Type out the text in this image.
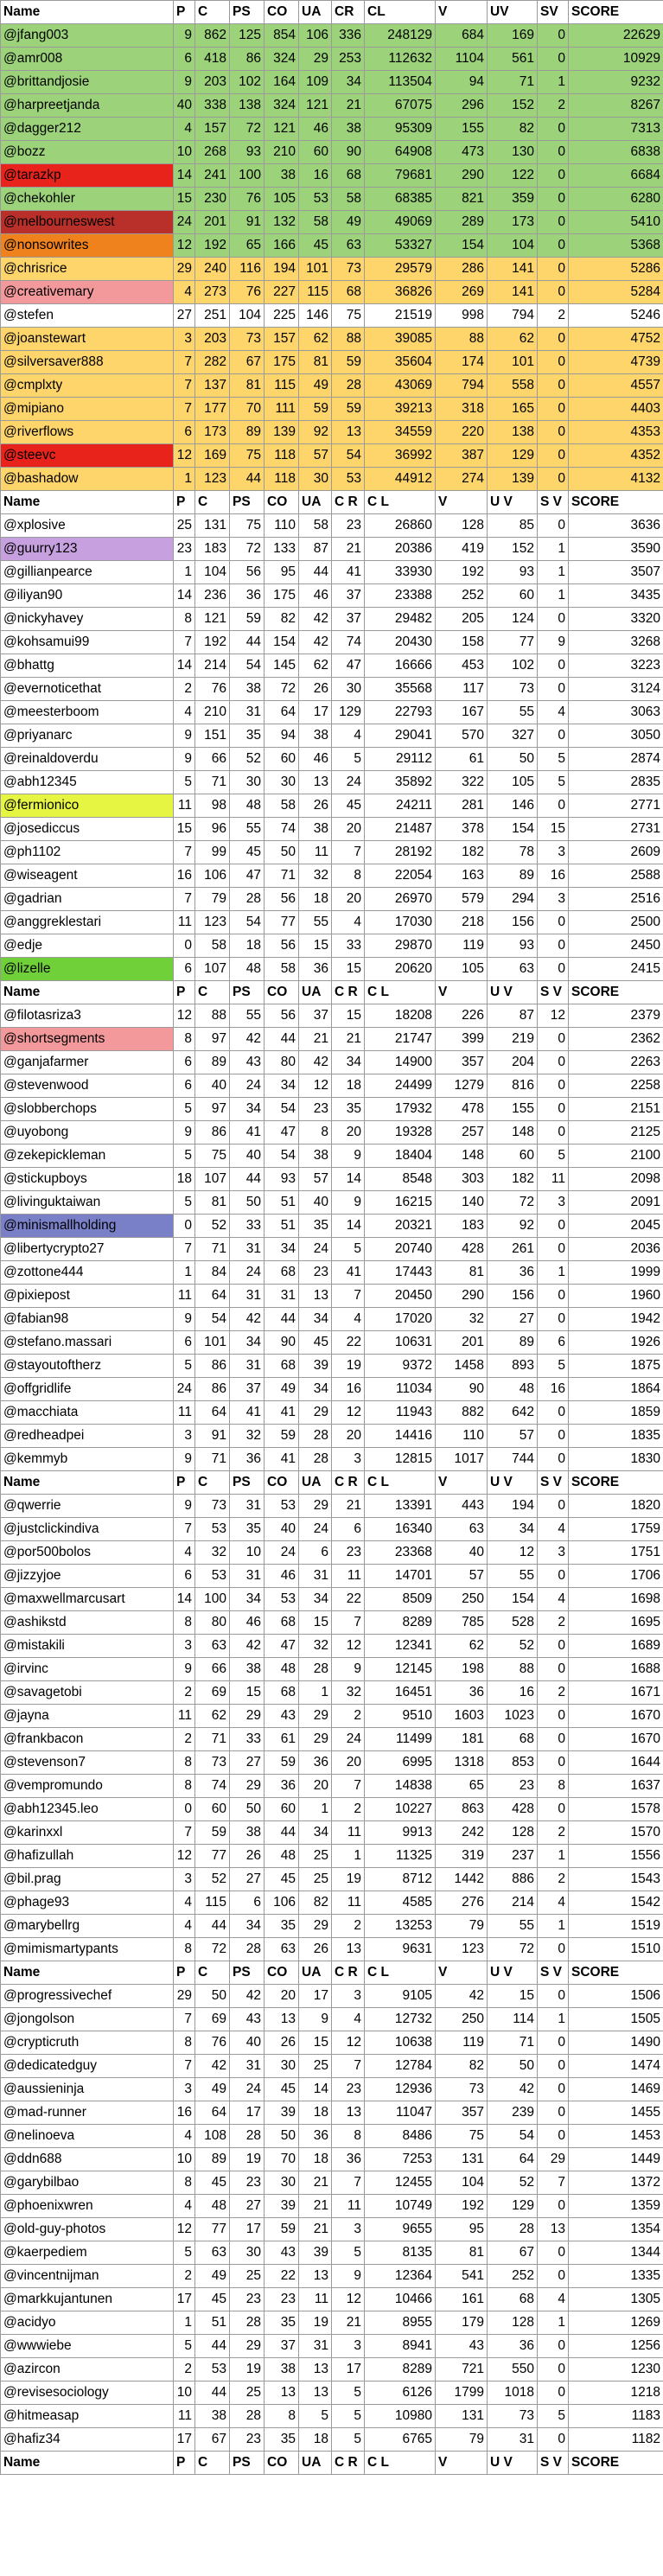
Name	P	C	PS	CO	UA	CR	CL	V	UV	SV	SCORE
@jfang003	9	862	125	854	106	336	248129	684	169	0	22629
@amr008	6	418	86	324	29	253	112632	1104	561	0	10929
@brittandjosie	9	203	102	164	109	34	113504	94	71	1	9232
@harpreetjanda	40	338	138	324	121	21	67075	296	152	2	8267
@dagger212	4	157	72	121	46	38	95309	155	82	0	7313
@bozz	10	268	93	210	60	90	64908	473	130	0	6838
@tarazkp	14	241	100	38	16	68	79681	290	122	0	6684
@chekohler	15	230	76	105	53	58	68385	821	359	0	6280
@melbourneswest	24	201	91	132	58	49	49069	289	173	0	5410
@nonsowrites	12	192	65	166	45	63	53327	154	104	0	5368
@chrisrice	29	240	116	194	101	73	29579	286	141	0	5286
@creativemary	4	273	76	227	115	68	36826	269	141	0	5284
@stefen	27	251	104	225	146	75	21519	998	794	2	5246
@joanstewart	3	203	73	157	62	88	39085	88	62	0	4752
@silversaver888	7	282	67	175	81	59	35604	174	101	0	4739
@cmplxty	7	137	81	115	49	28	43069	794	558	0	4557
@mipiano	7	177	70	111	59	59	39213	318	165	0	4403
@riverflows	6	173	89	139	92	13	34559	220	138	0	4353
@steevc	12	169	75	118	57	54	36992	387	129	0	4352
@bashadow	1	123	44	118	30	53	44912	274	139	0	4132
Name	P	C	PS	CO	UA	C R	C L	V	U V	S V	SCORE
@xplosive	25	131	75	110	58	23	26860	128	85	0	3636
@guurry123	23	183	72	133	87	21	20386	419	152	1	3590
@gillianpearce	1	104	56	95	44	41	33930	192	93	1	3507
@iliyan90	14	236	36	175	46	37	23388	252	60	1	3435
@nickyhavey	8	121	59	82	42	37	29482	205	124	0	3320
@kohsamui99	7	192	44	154	42	74	20430	158	77	9	3268
@bhattg	14	214	54	145	62	47	16666	453	102	0	3223
@evernoticethat	2	76	38	72	26	30	35568	117	73	0	3124
@meesterboom	4	210	31	64	17	129	22793	167	55	4	3063
@priyanarc	9	151	35	94	38	4	29041	570	327	0	3050
@reinaldoverdu	9	66	52	60	46	5	29112	61	50	5	2874
@abh12345	5	71	30	30	13	24	35892	322	105	5	2835
@fermionico	11	98	48	58	26	45	24211	281	146	0	2771
@josediccus	15	96	55	74	38	20	21487	378	154	15	2731
@ph1102	7	99	45	50	11	7	28192	182	78	3	2609
@wiseagent	16	106	47	71	32	8	22054	163	89	16	2588
@gadrian	7	79	28	56	18	20	26970	579	294	3	2516
@anggreklestari	11	123	54	77	55	4	17030	218	156	0	2500
@edje	0	58	18	56	15	33	29870	119	93	0	2450
@lizelle	6	107	48	58	36	15	20620	105	63	0	2415
Name	P	C	PS	CO	UA	C R	C L	V	U V	S V	SCORE
@filotasriza3	12	88	55	56	37	15	18208	226	87	12	2379
@shortsegments	8	97	42	44	21	21	21747	399	219	0	2362
@ganjafarmer	6	89	43	80	42	34	14900	357	204	0	2263
@stevenwood	6	40	24	34	12	18	24499	1279	816	0	2258
@slobberchops	5	97	34	54	23	35	17932	478	155	0	2151
@uyobong	9	86	41	47	8	20	19328	257	148	0	2125
@zekepickleman	5	75	40	54	38	9	18404	148	60	5	2100
@stickupboys	18	107	44	93	57	14	8548	303	182	11	2098
@livinguktaiwan	5	81	50	51	40	9	16215	140	72	3	2091
@minismallholding	0	52	33	51	35	14	20321	183	92	0	2045
@libertycrypto27	7	71	31	34	24	5	20740	428	261	0	2036
@zottone444	1	84	24	68	23	41	17443	81	36	1	1999
@pixiepost	11	64	31	31	13	7	20450	290	156	0	1960
@fabian98	9	54	42	44	34	4	17020	32	27	0	1942
@stefano.massari	6	101	34	90	45	22	10631	201	89	6	1926
@stayoutoftherz	5	86	31	68	39	19	9372	1458	893	5	1875
@offgridlife	24	86	37	49	34	16	11034	90	48	16	1864
@macchiata	11	64	41	41	29	12	11943	882	642	0	1859
@redheadpei	3	91	32	59	28	20	14416	110	57	0	1835
@kemmyb	9	71	36	41	28	3	12815	1017	744	0	1830
Name	P	C	PS	CO	UA	C R	C L	V	U V	S V	SCORE
@qwerrie	9	73	31	53	29	21	13391	443	194	0	1820
@justclickindiva	7	53	35	40	24	6	16340	63	34	4	1759
@por500bolos	4	32	10	24	6	23	23368	40	12	3	1751
@jizzyjoe	6	53	31	46	31	11	14701	57	55	0	1706
@maxwellmarcusart	14	100	34	53	34	22	8509	250	154	4	1698
@ashikstd	8	80	46	68	15	7	8289	785	528	2	1695
@mistakili	3	63	42	47	32	12	12341	62	52	0	1689
@irvinc	9	66	38	48	28	9	12145	198	88	0	1688
@savagetobi	2	69	15	68	1	32	16451	36	16	2	1671
@jayna	11	62	29	43	29	2	9510	1603	1023	0	1670
@frankbacon	2	71	33	61	29	24	11499	181	68	0	1670
@stevenson7	8	73	27	59	36	20	6995	1318	853	0	1644
@vempromundo	8	74	29	36	20	7	14838	65	23	8	1637
@abh12345.leo	0	60	50	60	1	2	10227	863	428	0	1578
@karinxxl	7	59	38	44	34	11	9913	242	128	2	1570
@hafizullah	12	77	26	48	25	1	11325	319	237	1	1556
@bil.prag	3	52	27	45	25	19	8712	1442	886	2	1543
@phage93	4	115	6	106	82	11	4585	276	214	4	1542
@marybellrg	4	44	34	35	29	2	13253	79	55	1	1519
@mimismartypants	8	72	28	63	26	13	9631	123	72	0	1510
Name	P	C	PS	CO	UA	C R	C L	V	U V	S V	SCORE
@progressivechef	29	50	42	20	17	3	9105	42	15	0	1506
@jongolson	7	69	43	13	9	4	12732	250	114	1	1505
@crypticruth	8	76	40	26	15	12	10638	119	71	0	1490
@dedicatedguy	7	42	31	30	25	7	12784	82	50	0	1474
@aussieninja	3	49	24	45	14	23	12936	73	42	0	1469
@mad-runner	16	64	17	39	18	13	11047	357	239	0	1455
@nelinoeva	4	108	28	50	36	8	8486	75	54	0	1453
@ddn688	10	89	19	70	18	36	7253	131	64	29	1449
@garybilbao	8	45	23	30	21	7	12455	104	52	7	1372
@phoenixwren	4	48	27	39	21	11	10749	192	129	0	1359
@old-guy-photos	12	77	17	59	21	3	9655	95	28	13	1354
@kaerpediem	5	63	30	43	39	5	8135	81	67	0	1344
@vincentnijman	2	49	25	22	13	9	12364	541	252	0	1335
@markkujantunen	17	45	23	23	11	12	10466	161	68	4	1305
@acidyo	1	51	28	35	19	21	8955	179	128	1	1269
@wwwiebe	5	44	29	37	31	3	8941	43	36	0	1256
@azircon	2	53	19	38	13	17	8289	721	550	0	1230
@revisesociology	10	44	25	13	13	5	6126	1799	1018	0	1218
@hitmeasap	11	38	28	8	5	5	10980	131	73	5	1183
@hafiz34	17	67	23	35	18	5	6765	79	31	0	1182
Name	P	C	PS	CO	UA	C R	C L	V	U V	S V	SCORE
